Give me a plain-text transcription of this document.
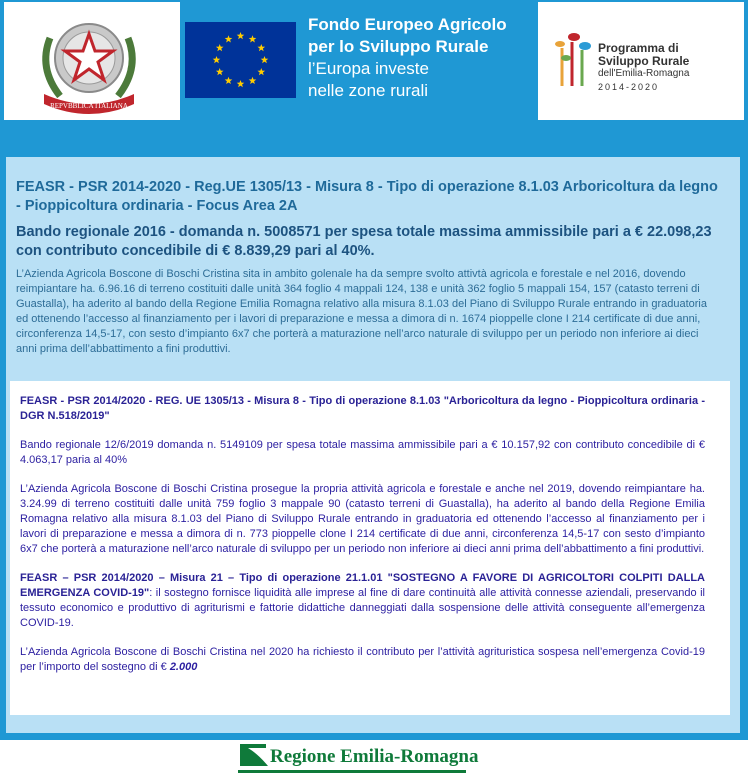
REPVBBLICA ITALIANA
Fondo Europeo Agricolo
per lo Sviluppo Rurale
l’Europa investe
nelle zone rurali
Programma di
Sviluppo Rurale
dell'Emilia-Romagna
2014-2020

FEASR - PSR 2014-2020 - Reg.UE 1305/13 - Misura 8 - Tipo di operazione 8.1.03 Arboricoltura da legno - Pioppicoltura ordinaria - Focus Area 2A

Bando regionale 2016 - domanda n. 5008571 per spesa totale massima ammissibile pari a € 22.098,23 con contributo concedibile di € 8.839,29 pari al 40%.

L’Azienda Agricola Boscone di Boschi Cristina sita in ambito golenale ha da sempre svolto attivtà agricola e forestale e nel 2016, dovendo reimpiantare ha. 6.96.16 di terreno costituiti dalle unità 364 foglio 4 mappali 124, 138 e unità 362 foglio 5 mappali 154, 157 (catasto terreni di Guastalla), ha aderito al bando della Regione Emilia Romagna relativo alla misura 8.1.03 del Piano di Sviluppo Rurale entrando in graduatoria ed ottenendo l’accesso al finanziamento per i lavori di preparazione e messa a dimora di n. 1674 pioppelle clone I 214 certificate di due anni, circonferenza 14,5-17, con sesto d’impianto 6x7 che porterà a maturazione nell’arco naturale di sviluppo per un periodo non inferiore ai dieci anni prima dell’abbattimento a fini produttivi.

FEASR - PSR 2014/2020 - REG. UE 1305/13 - Misura 8 - Tipo di operazione 8.1.03 "Arboricoltura da legno - Pioppicoltura ordinaria - DGR N.518/2019"

Bando regionale 12/6/2019 domanda n. 5149109 per spesa totale massima ammissibile pari a € 10.157,92 con contributo concedibile di € 4.063,17 paria al 40%

L’Azienda Agricola Boscone di Boschi Cristina prosegue la propria attività agricola e forestale e anche nel 2019, dovendo reimpiantare ha. 3.24.99 di terreno costituiti dalle unità 759 foglio 3 mappale 90 (catasto terreni di Guastalla), ha aderito al bando della Regione Emilia Romagna relativo alla misura 8.1.03 del Piano di Sviluppo Rurale entrando in graduatoria ed ottenendo l’accesso al finanziamento per i lavori di preparazione e messa a dimora di n. 773 pioppelle clone I 214 certificate di due anni, circonferenza 14,5-17 con sesto d’impianto 6x7 che porterà a maturazione nell’arco naturale di sviluppo per un periodo non inferiore ai dieci anni prima dell’abbattimento a fini produttivi.

FEASR – PSR 2014/2020 – Misura 21 – Tipo di operazione 21.1.01 "SOSTEGNO A FAVORE DI AGRICOLTORI COLPITI DALLA EMERGENZA COVID-19": il sostegno fornisce liquidità alle imprese al fine di dare continuità alle attività connesse aziendali, preservando il tessuto economico e produttivo di agriturismi e fattorie didattiche danneggiati dalla sospensione delle attività conseguente all’emergenza COVID-19.

L’Azienda Agricola Boscone di Boschi Cristina nel 2020 ha richiesto il contributo per l’attività agrituristica sospesa nell’emergenza Covid-19 per l’importo del sostegno di € 2.000

Regione Emilia-Romagna
